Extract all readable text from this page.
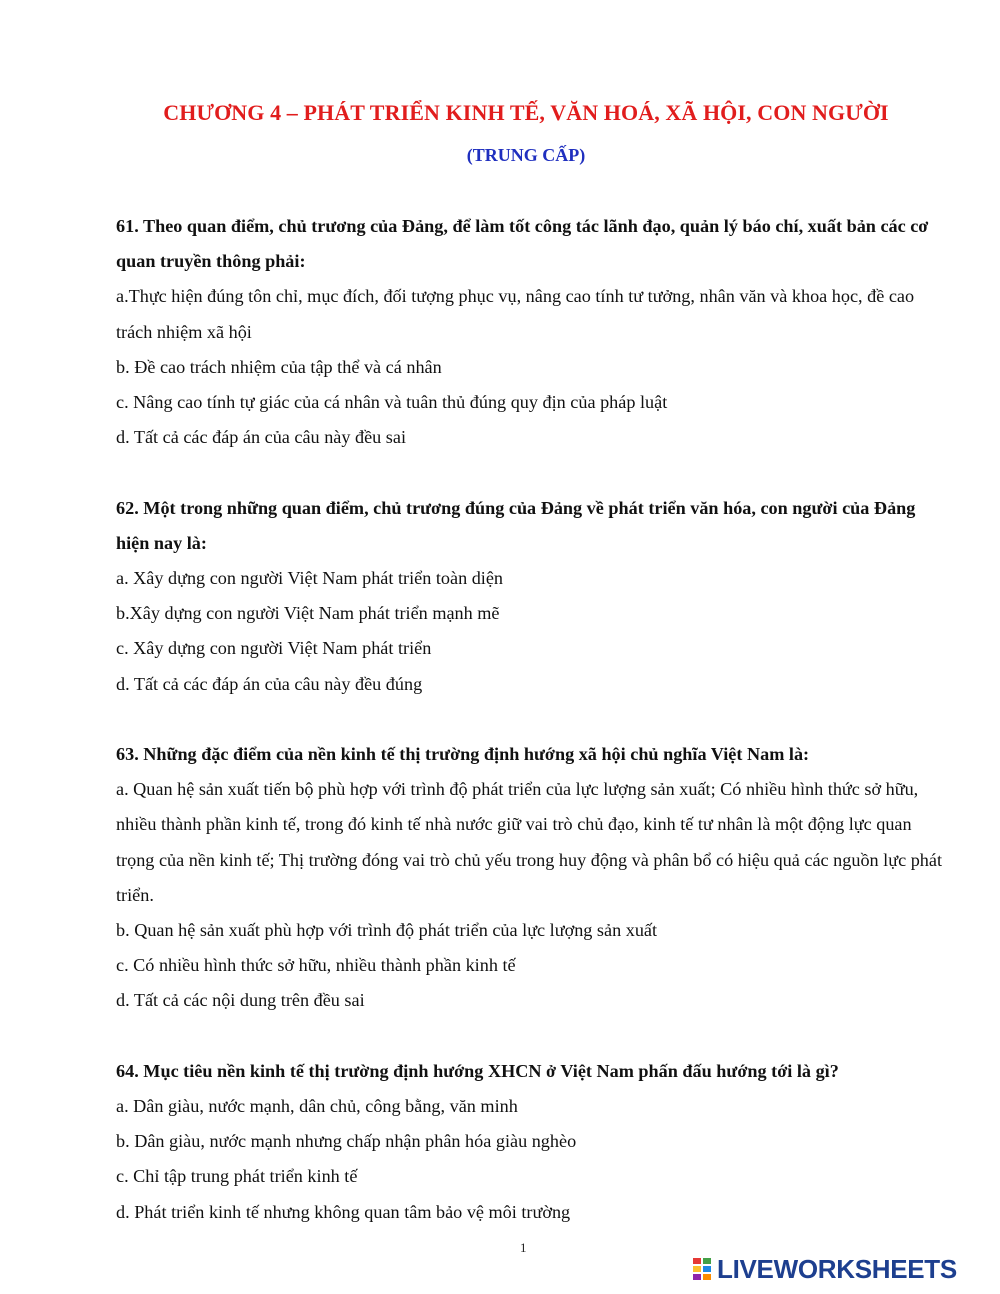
CHƯƠNG 4 – PHÁT TRIỂN KINH TẾ, VĂN HOÁ, XÃ HỘI, CON NGƯỜI
(TRUNG CẤP)
61. Theo quan điểm, chủ trương của Đảng, để làm tốt công tác lãnh đạo, quản lý báo chí, xuất bản các cơ quan truyền thông phải:
a.Thực hiện đúng tôn chỉ, mục đích, đối tượng phục vụ, nâng cao tính tư tưởng, nhân văn và khoa học, đề cao trách nhiệm xã hội
b. Đề cao trách nhiệm của tập thể và cá nhân
c. Nâng cao tính tự giác của cá nhân và tuân thủ đúng quy địn của pháp luật
d. Tất cả các đáp án của câu này đều sai
62. Một trong những quan điểm, chủ trương đúng của Đảng về phát triển văn hóa, con người của Đảng hiện nay là:
a. Xây dựng con người Việt Nam phát triển toàn diện
b.Xây dựng con người Việt Nam phát triển mạnh mẽ
c. Xây dựng con người Việt Nam phát triển
d. Tất cả các đáp án của câu này đều đúng
63. Những đặc điểm của nền kinh tế thị trường định hướng xã hội chủ nghĩa Việt Nam là:
a. Quan hệ sản xuất tiến bộ phù hợp với trình độ phát triển của lực lượng sản xuất; Có nhiều hình thức sở hữu, nhiều thành phần kinh tế, trong đó kinh tế nhà nước giữ vai trò chủ đạo, kinh tế tư nhân là một động lực quan trọng của nền kinh tế; Thị trường đóng vai trò chủ yếu trong huy động và phân bổ có hiệu quả các nguồn lực phát triển.
b. Quan hệ sản xuất phù hợp với trình độ phát triển của lực lượng sản xuất
c. Có nhiều hình thức sở hữu, nhiều thành phần kinh tế
d. Tất cả các nội dung trên đều sai
64. Mục tiêu nền kinh tế thị trường định hướng XHCN ở Việt Nam phấn đấu hướng tới là gì?
a. Dân giàu, nước mạnh, dân chủ, công bằng, văn minh
b. Dân giàu, nước mạnh nhưng chấp nhận phân hóa giàu nghèo
c. Chỉ tập trung phát triển kinh tế
d. Phát triển kinh tế nhưng không quan tâm bảo vệ môi trường
1
LIVEWORKSHEETS
